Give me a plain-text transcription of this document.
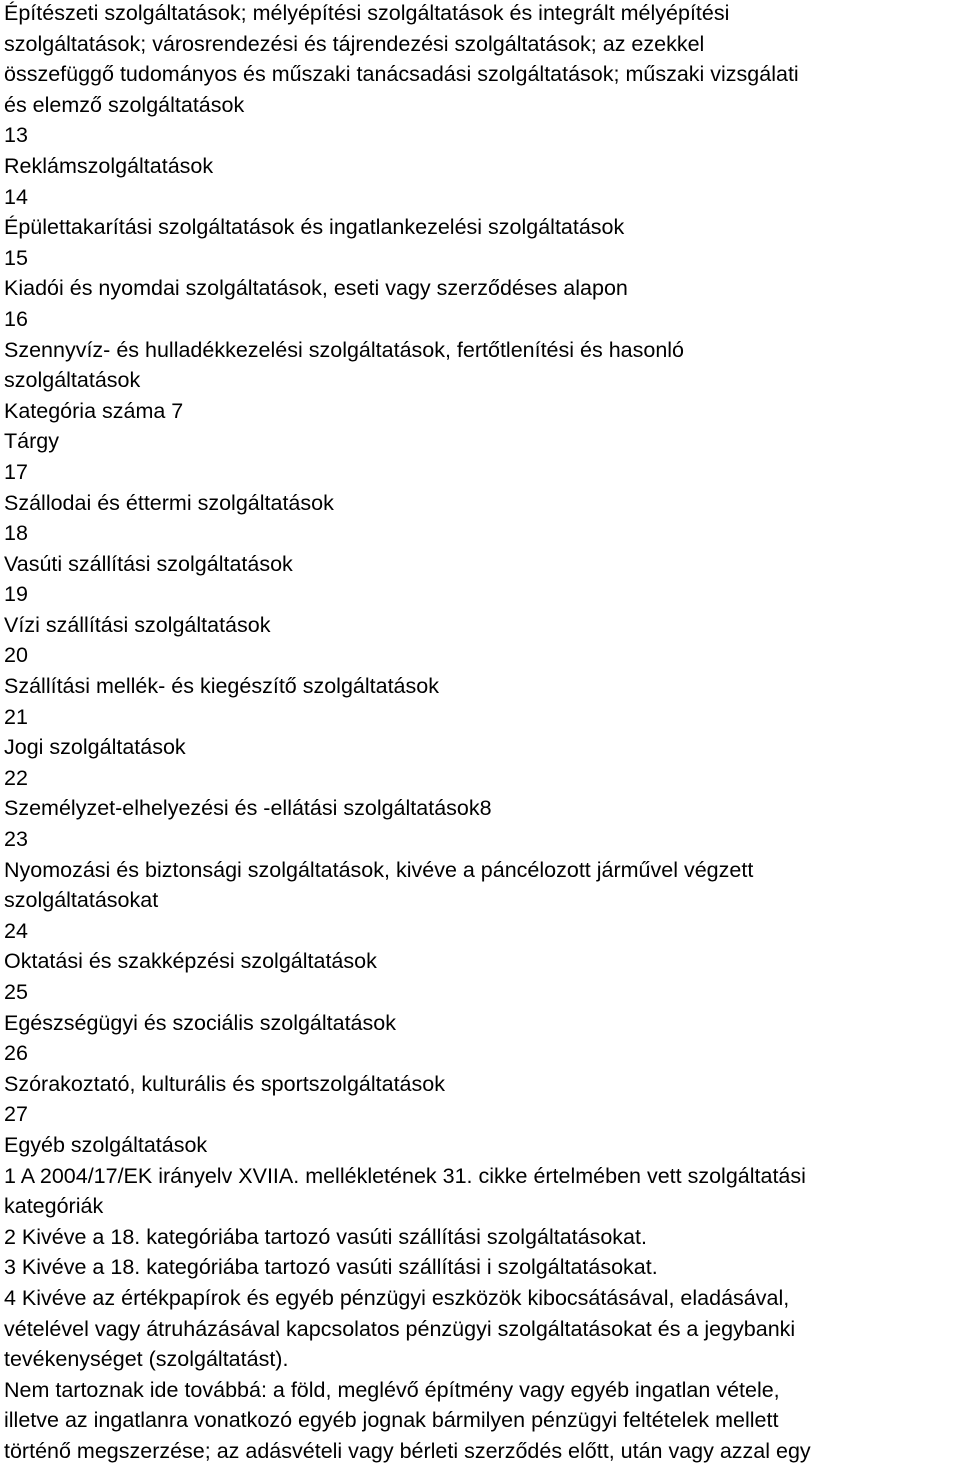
Építészeti szolgáltatások; mélyépítési szolgáltatások és integrált mélyépítési
szolgáltatások; városrendezési és tájrendezési szolgáltatások; az ezekkel
összefüggő tudományos és műszaki tanácsadási szolgáltatások; műszaki vizsgálati
és elemző szolgáltatások
13
Reklámszolgáltatások
14
Épülettakarítási szolgáltatások és ingatlankezelési szolgáltatások
15
Kiadói és nyomdai szolgáltatások, eseti vagy szerződéses alapon
16
Szennyvíz- és hulladékkezelési szolgáltatások, fertőtlenítési és hasonló
szolgáltatások
Kategória száma 7
Tárgy
17
Szállodai és éttermi szolgáltatások
18
Vasúti szállítási szolgáltatások
19
Vízi szállítási szolgáltatások
20
Szállítási mellék- és kiegészítő szolgáltatások
21
Jogi szolgáltatások
22
Személyzet-elhelyezési és -ellátási szolgáltatások8
23
Nyomozási és biztonsági szolgáltatások, kivéve a páncélozott járművel végzett
szolgáltatásokat
24
Oktatási és szakképzési szolgáltatások
25
Egészségügyi és szociális szolgáltatások
26
Szórakoztató, kulturális és sportszolgáltatások
27
Egyéb szolgáltatások
1 A 2004/17/EK irányelv XVIIA. mellékletének 31. cikke értelmében vett szolgáltatási
kategóriák
2 Kivéve a 18. kategóriába tartozó vasúti szállítási szolgáltatásokat.
3 Kivéve a 18. kategóriába tartozó vasúti szállítási i szolgáltatásokat.
4 Kivéve az értékpapírok és egyéb pénzügyi eszközök kibocsátásával, eladásával,
vételével vagy átruházásával kapcsolatos pénzügyi szolgáltatásokat és a jegybanki
tevékenységet (szolgáltatást).
Nem tartoznak ide továbbá: a föld, meglévő építmény vagy egyéb ingatlan vétele,
illetve az ingatlanra vonatkozó egyéb jognak bármilyen pénzügyi feltételek mellett
történő megszerzése; az adásvételi vagy bérleti szerződés előtt, után vagy azzal egy
